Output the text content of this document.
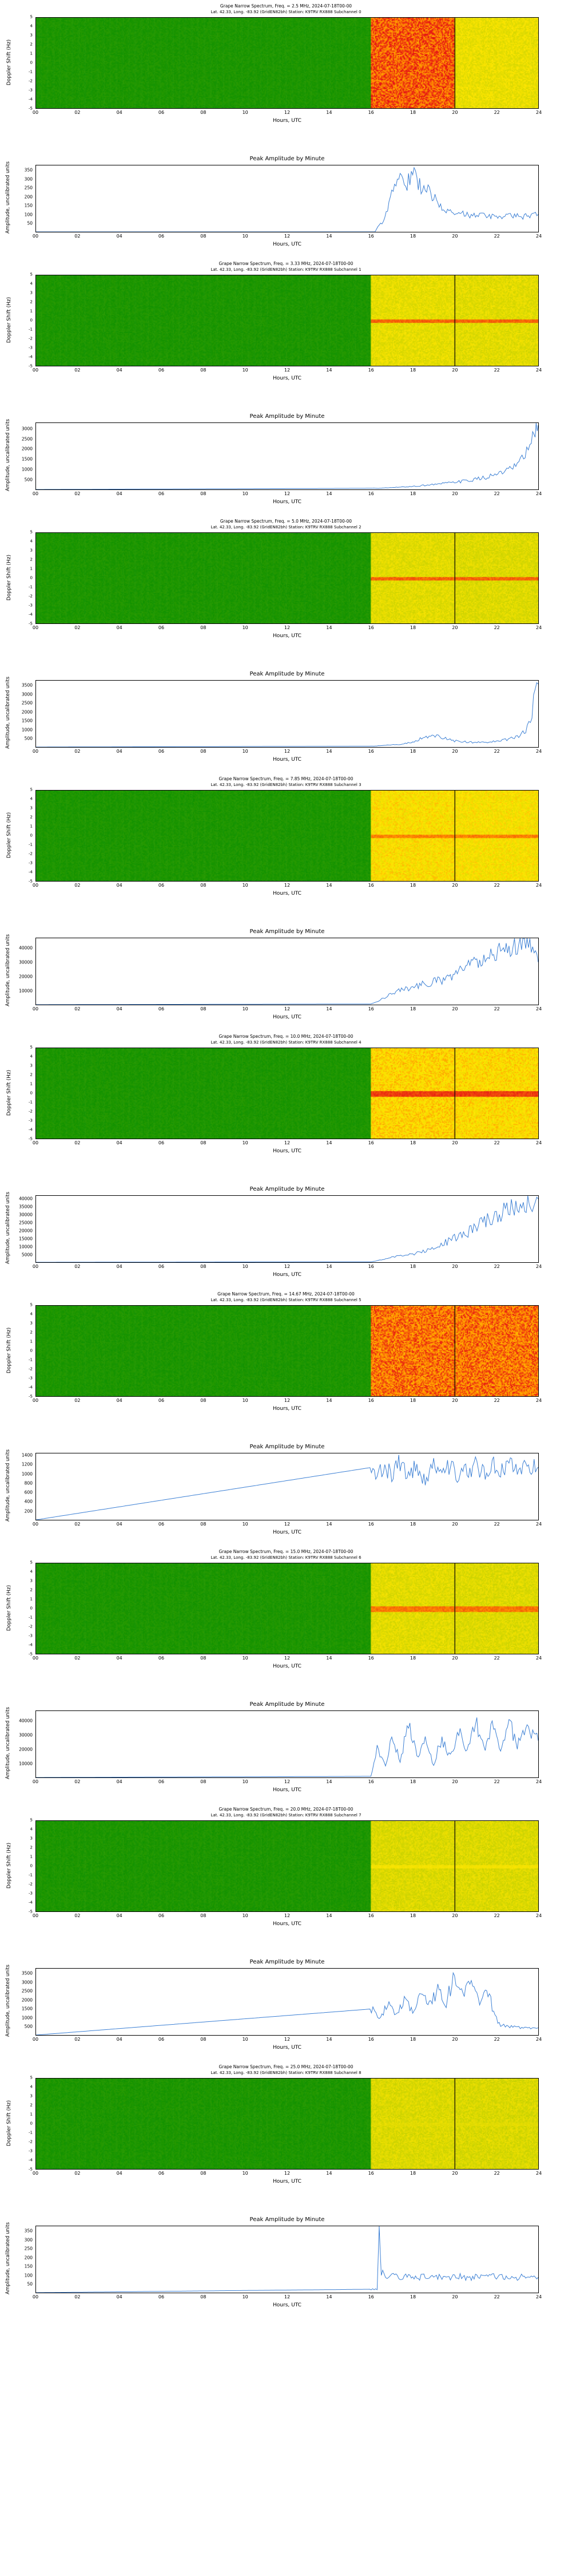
Grape Narrow Spectrum, Freq. = 2.5 MHz, 2024-07-18T00-00
Lat. 42.33, Long. -83.92 (GridEN82bh) Station: K9TRV RX888 Subchannel 0
Doppler Shift (Hz)
-5
-4
-3
-2
-1
0
1
2
3
4
5
00	02	04	06	08	10	12	14	16	18	20	22	24
Hours, UTC
Peak Amplitude by Minute
Amplitude, uncalibrated units	50
100
150
200
250
300
350
00	02	04	06	08	10	12	14	16	18	20	22	24
Hours, UTC
Grape Narrow Spectrum, Freq. = 3.33 MHz, 2024-07-18T00-00
Lat. 42.33, Long. -83.92 (GridEN82bh) Station: K9TRV RX888 Subchannel 1
Doppler Shift (Hz)
-5
-4
-3
-2
-1
0
1
2
3
4
5
00	02	04	06	08	10	12	14	16	18	20	22	24
Hours, UTC
Peak Amplitude by Minute
Amplitude, uncalibrated units	500
1000
1500
2000
2500
3000
00	02	04	06	08	10	12	14	16	18	20	22	24
Hours, UTC
Grape Narrow Spectrum, Freq. = 5.0 MHz, 2024-07-18T00-00
Lat. 42.33, Long. -83.92 (GridEN82bh) Station: K9TRV RX888 Subchannel 2
Doppler Shift (Hz)
-5
-4
-3
-2
-1
0
1
2
3
4
5
00	02	04	06	08	10	12	14	16	18	20	22	24
Hours, UTC
Peak Amplitude by Minute
Amplitude, uncalibrated units	500
1000
1500
2000
2500
3000
3500
00	02	04	06	08	10	12	14	16	18	20	22	24
Hours, UTC
Grape Narrow Spectrum, Freq. = 7.85 MHz, 2024-07-18T00-00
Lat. 42.33, Long. -83.92 (GridEN82bh) Station: K9TRV RX888 Subchannel 3
Doppler Shift (Hz)
-5
-4
-3
-2
-1
0
1
2
3
4
5
00	02	04	06	08	10	12	14	16	18	20	22	24
Hours, UTC
Peak Amplitude by Minute
Amplitude, uncalibrated units 10000
20000
30000
40000
00	02	04	06	08	10	12	14	16	18	20	22	24
Hours, UTC
Grape Narrow Spectrum, Freq. = 10.0 MHz, 2024-07-18T00-00
Lat. 42.33, Long. -83.92 (GridEN82bh) Station: K9TRV RX888 Subchannel 4
Doppler Shift (Hz)
-5
-4
-3
-2
-1
0
1
2
3
4
5
00	02	04	06	08	10	12	14	16	18	20	22	24
Hours, UTC
Peak Amplitude by Minute
Amplitude, uncalibrated units	5000
10000
15000
20000
25000
30000
35000
40000
00	02	04	06	08	10	12	14	16	18	20	22	24
Hours, UTC
Grape Narrow Spectrum, Freq. = 14.67 MHz, 2024-07-18T00-00
Lat. 42.33, Long. -83.92 (GridEN82bh) Station: K9TRV RX888 Subchannel 5
Doppler Shift (Hz)
-5
-4
-3
-2
-1
0
1
2
3
4
5
00	02	04	06	08	10	12	14	16	18	20	22	24
Hours, UTC
Peak Amplitude by Minute
Amplitude, uncalibrated units	200
400
600
800
1000
1200
1400
00	02	04	06	08	10	12	14	16	18	20	22	24
Hours, UTC
Grape Narrow Spectrum, Freq. = 15.0 MHz, 2024-07-18T00-00
Lat. 42.33, Long. -83.92 (GridEN82bh) Station: K9TRV RX888 Subchannel 6
Doppler Shift (Hz)
-5
-4
-3
-2
-1
0
1
2
3
4
5
00	02	04	06	08	10	12	14	16	18	20	22	24
Hours, UTC
Peak Amplitude by Minute
Amplitude, uncalibrated units 10000
20000
30000
40000
00	02	04	06	08	10	12	14	16	18	20	22	24
Hours, UTC
Grape Narrow Spectrum, Freq. = 20.0 MHz, 2024-07-18T00-00
Lat. 42.33, Long. -83.92 (GridEN82bh) Station: K9TRV RX888 Subchannel 7
Doppler Shift (Hz)
-5
-4
-3
-2
-1
0
1
2
3
4
5
00	02	04	06	08	10	12	14	16	18	20	22	24
Hours, UTC
Peak Amplitude by Minute
Amplitude, uncalibrated units	500
1000
1500
2000
2500
3000
3500
00	02	04	06	08	10	12	14	16	18	20	22	24
Hours, UTC
Grape Narrow Spectrum, Freq. = 25.0 MHz, 2024-07-18T00-00
Lat. 42.33, Long. -83.92 (GridEN82bh) Station: K9TRV RX888 Subchannel 8
Doppler Shift (Hz)
-5
-4
-3
-2
-1
0
1
2
3
4
5
00	02	04	06	08	10	12	14	16	18	20	22	24
Hours, UTC
Peak Amplitude by Minute
Amplitude, uncalibrated units	50
100
150
200
250
300
350
00	02	04	06	08	10	12	14	16	18	20	22	24
Hours, UTC
